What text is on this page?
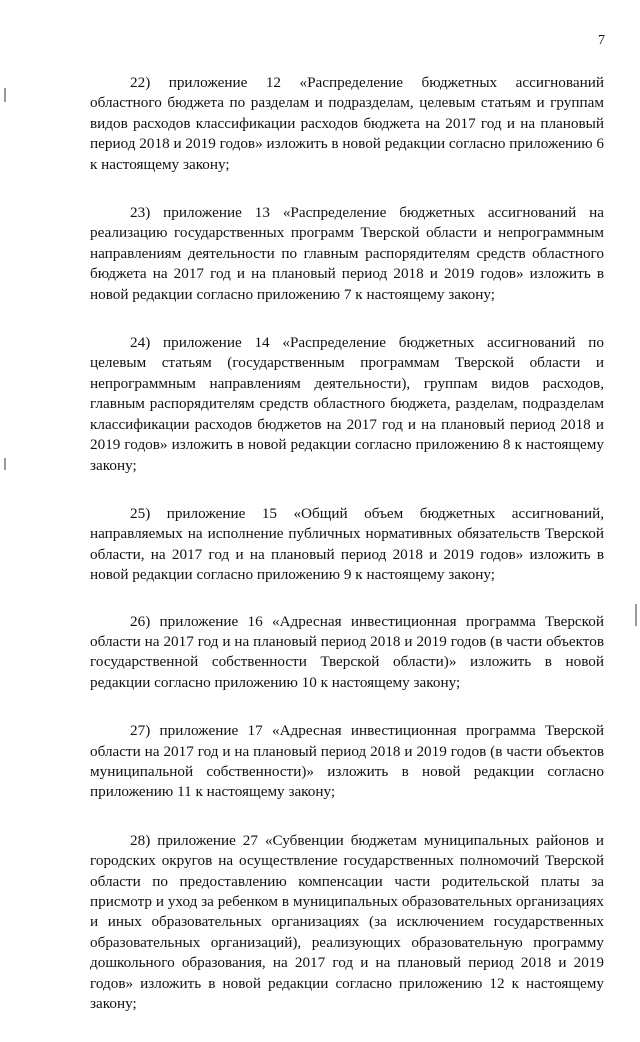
7

22) приложение 12 «Распределение бюджетных ассигнований областного бюджета по разделам и подразделам, целевым статьям и группам видов расходов классификации расходов бюджета на 2017 год и на плановый период 2018 и 2019 годов» изложить в новой редакции согласно приложению 6 к настоящему закону;

23) приложение 13 «Распределение бюджетных ассигнований на реализацию государственных программ Тверской области и непрограммным направлениям деятельности по главным распорядителям средств областного бюджета на 2017 год и на плановый период 2018 и 2019 годов» изложить в новой редакции согласно приложению 7 к настоящему закону;

24) приложение 14 «Распределение бюджетных ассигнований по целевым статьям (государственным программам Тверской области и непрограммным направлениям деятельности), группам видов расходов, главным распорядителям средств областного бюджета, разделам, подразделам классификации расходов бюджетов на 2017 год и на плановый период 2018 и 2019 годов» изложить в новой редакции согласно приложению 8 к настоящему закону;

25) приложение 15 «Общий объем бюджетных ассигнований, направляемых на исполнение публичных нормативных обязательств Тверской области, на 2017 год и на плановый период 2018 и 2019 годов» изложить в новой редакции согласно приложению 9 к настоящему закону;

26) приложение 16 «Адресная инвестиционная программа Тверской области на 2017 год и на плановый период 2018 и 2019 годов (в части объектов государственной собственности Тверской области)» изложить в новой редакции согласно приложению 10 к настоящему закону;

27) приложение 17 «Адресная инвестиционная программа Тверской области на 2017 год и на плановый период 2018 и 2019 годов (в части объектов муниципальной собственности)» изложить в новой редакции согласно приложению 11 к настоящему закону;

28) приложение 27 «Субвенции бюджетам муниципальных районов и городских округов на осуществление государственных полномочий Тверской области по предоставлению компенсации части родительской платы за присмотр и уход за ребенком в муниципальных образовательных организациях и иных образовательных организациях (за исключением государственных образовательных организаций), реализующих образовательную программу дошкольного образования, на 2017 год и на плановый период 2018 и 2019 годов» изложить в новой редакции согласно приложению 12 к настоящему закону;
